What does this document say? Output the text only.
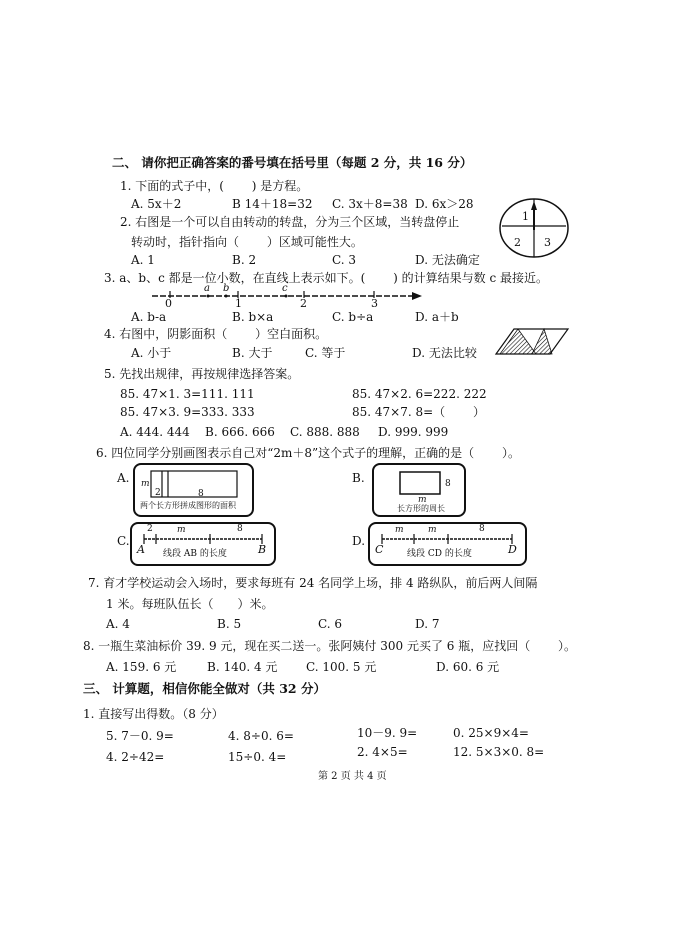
二、 请你把正确答案的番号填在括号里（每题 2 分，共 16 分）
1. 下面的式子中，(　　 ) 是方程。
A. 5x＋2	B 14＋18=32 C. 3x＋8=38 D. 6x＞28
2. 右图是一个可以自由转动的转盘，分为三个区域，当转盘停止
转动时，指针指向（　　 ）区域可能性大。
A. 1	B. 2	C. 3	D. 无法确定
1
2 3
3. a、b、c 都是一位小数，在直线上表示如下。(　　 ) 的计算结果与数 c 最接近。
0	1	2	3
a b	c
A. b-a	B. b×a	C. b÷a	D. a＋b
4. 右图中，阴影面积（　　 ）空白面积。
A. 小于	B. 大于	C. 等于	D. 无法比较
5. 先找出规律，再按规律选择答案。
85. 47×1. 3=111. 111	85. 47×2. 6=222. 222
85. 47×3. 9=333. 333	85. 47×7. 8=（　　 ）
A. 444. 444 B. 666. 666 C. 888. 888 D. 999. 999
6. 四位同学分别画图表示自己对“2m＋8”这个式子的理解，正确的是（　　 ）。
A. m
2	8
两个长方形拼成图形的面积
B.	8
m
长方形的周长
C.
2	m	8
A	B
线段 AB 的长度
D.
m	m	8
C	D
线段 CD 的长度
7. 育才学校运动会入场时，要求每班有 24 名同学上场，排 4 路纵队，前后两人间隔
1 米。每班队伍长（　　）米。
A. 4	B. 5	C. 6	D. 7
8. 一瓶生菜油标价 39. 9 元，现在买二送一。张阿姨付 300 元买了 6 瓶，应找回（　　 ）。
A. 159. 6 元	B. 140. 4 元 C. 100. 5 元	D. 60. 6 元
三、 计算题，相信你能全做对（共 32 分）
1. 直接写出得数。（8 分）
5. 7－0. 9=	4. 8÷0. 6=	10－9. 9=	0. 25×9×4=
4. 2÷42=	15÷0. 4=	2. 4×5=	12. 5×3×0. 8=
第 2 页 共 4 页
